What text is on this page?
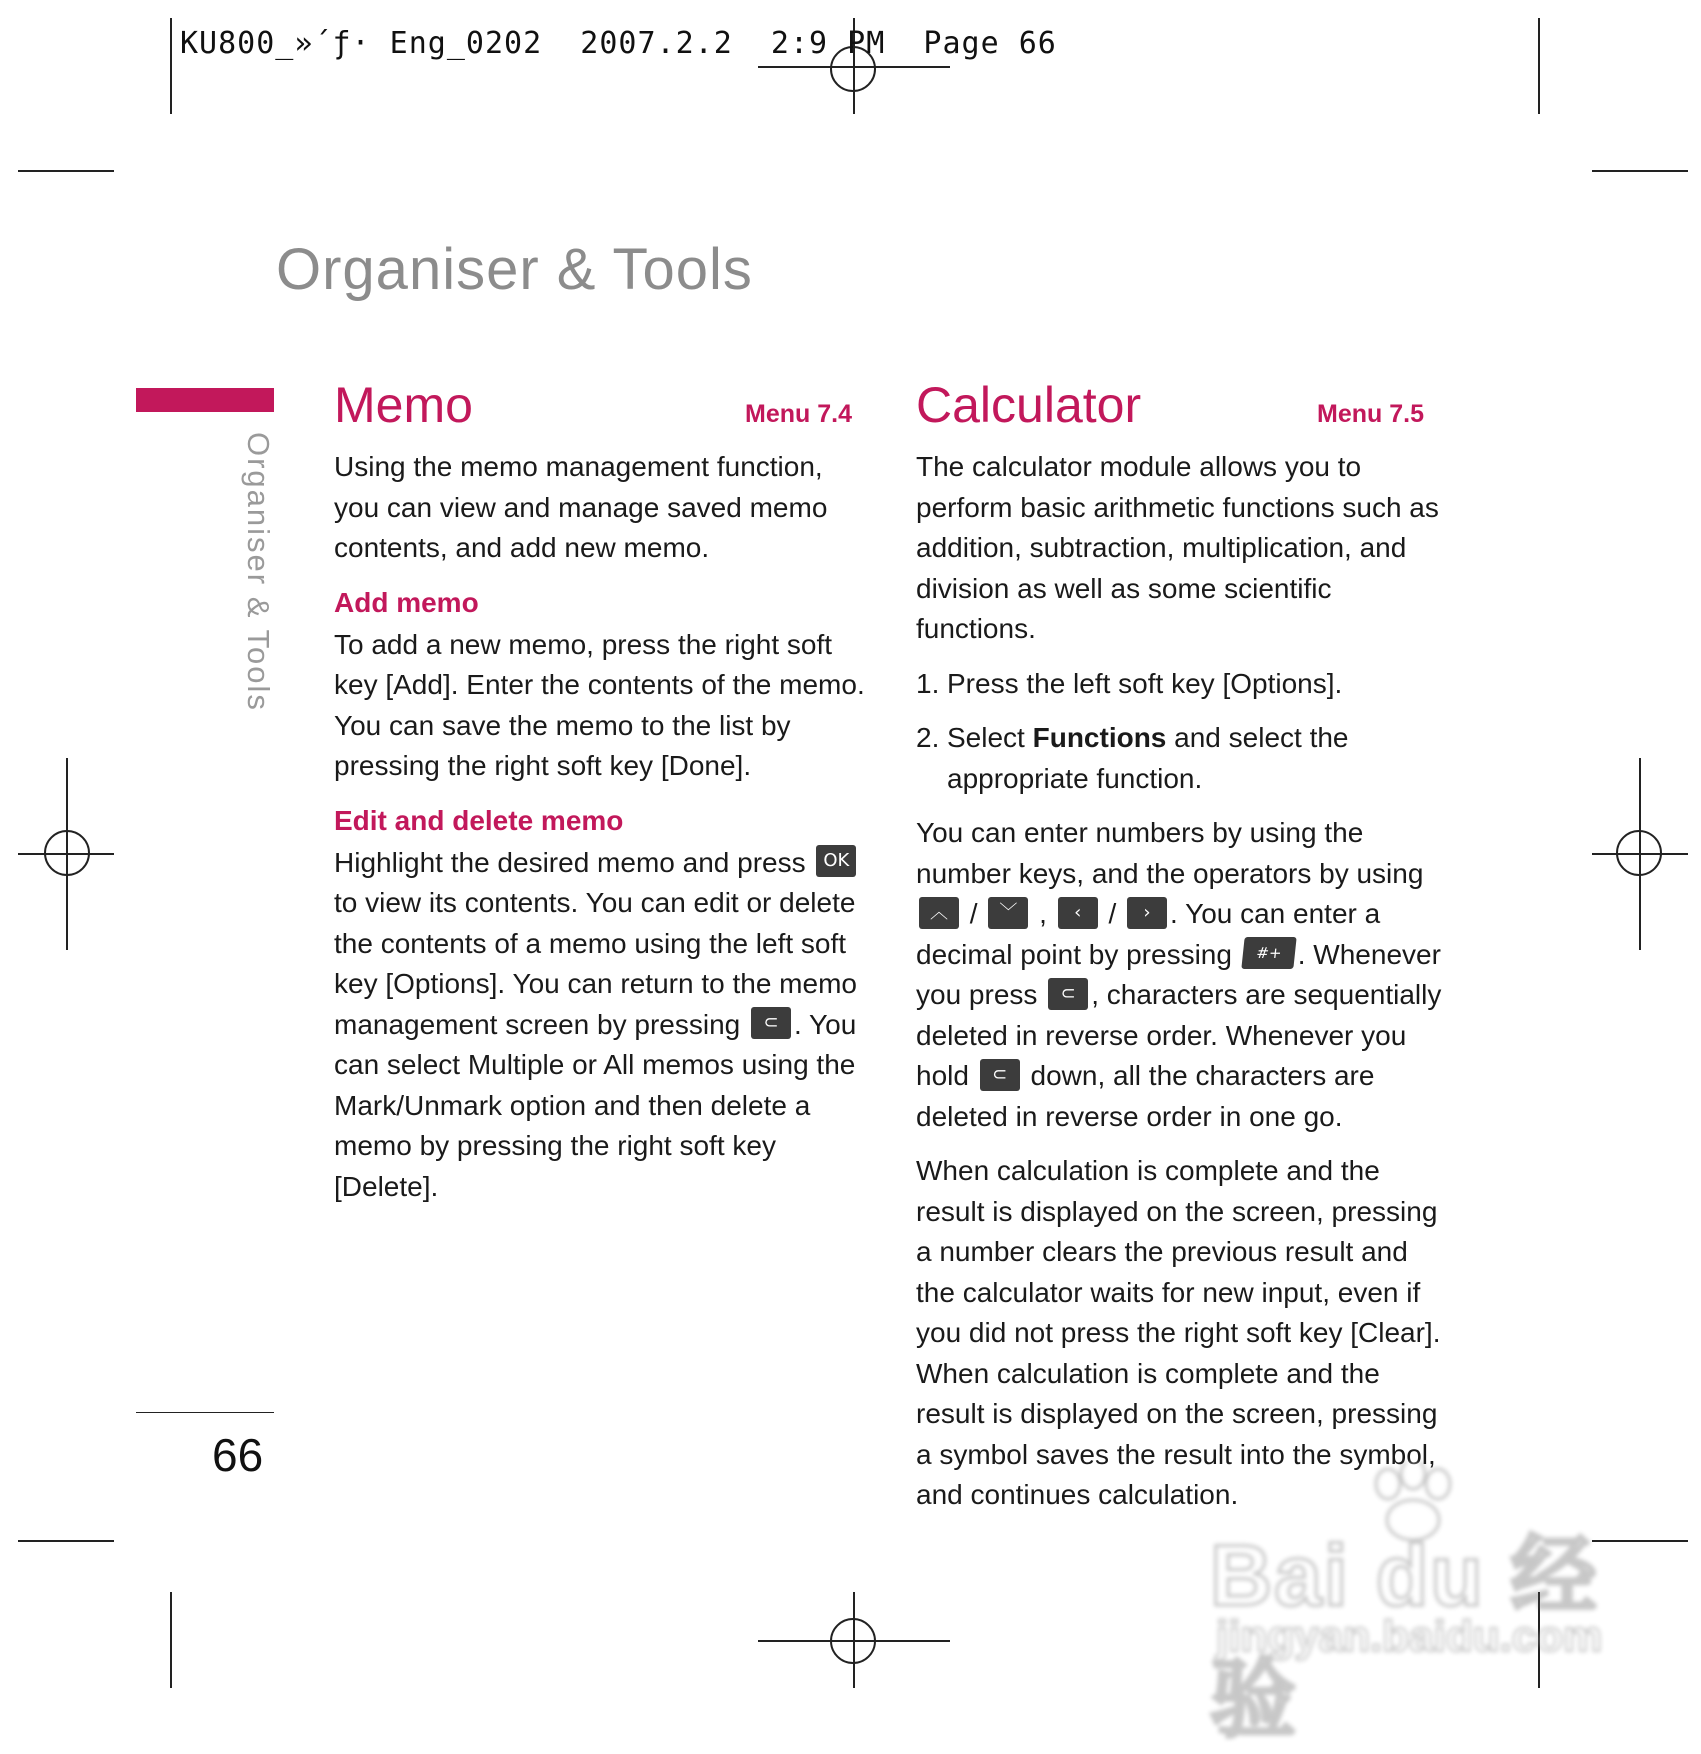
KU800_»´ƒ· Eng_0202  2007.2.2  2:9 PM  Page 66
Organiser & Tools
Organiser & Tools
66
Memo	Menu 7.4

Using the memo management function, you can view and manage saved memo contents, and add new memo.

Add memo

To add a new memo, press the right soft key [Add]. Enter the contents of the memo. You can save the memo to the list by pressing the right soft key [Done].

Edit and delete memo

Highlight the desired memo and press OK to view its contents. You can edit or delete the contents of a memo using the left soft key [Options]. You can return to the memo management screen by pressing ⊂ . You can select Multiple or All memos using the Mark/Unmark option and then delete a memo by pressing the right soft key [Delete].

Calculator	Menu 7.5

The calculator module allows you to perform basic arithmetic functions such as addition, subtraction, multiplication, and division as well as some scientific functions.

1. Press the left soft key [Options].
2. Select Functions and select the appropriate function.

You can enter numbers by using the number keys, and the operators by using ︿ / ﹀ , ‹ / › . You can enter a decimal point by pressing #+ . Whenever you press ⊂ , characters are sequentially deleted in reverse order. Whenever you hold ⊂ down, all the characters are deleted in reverse order in one go.

When calculation is complete and the result is displayed on the screen, pressing a number clears the previous result and the calculator waits for new input, even if you did not press the right soft key [Clear]. When calculation is complete and the result is displayed on the screen, pressing a symbol saves the result into the symbol, and continues calculation.

Bai du 经验
jingyan.baidu.com
